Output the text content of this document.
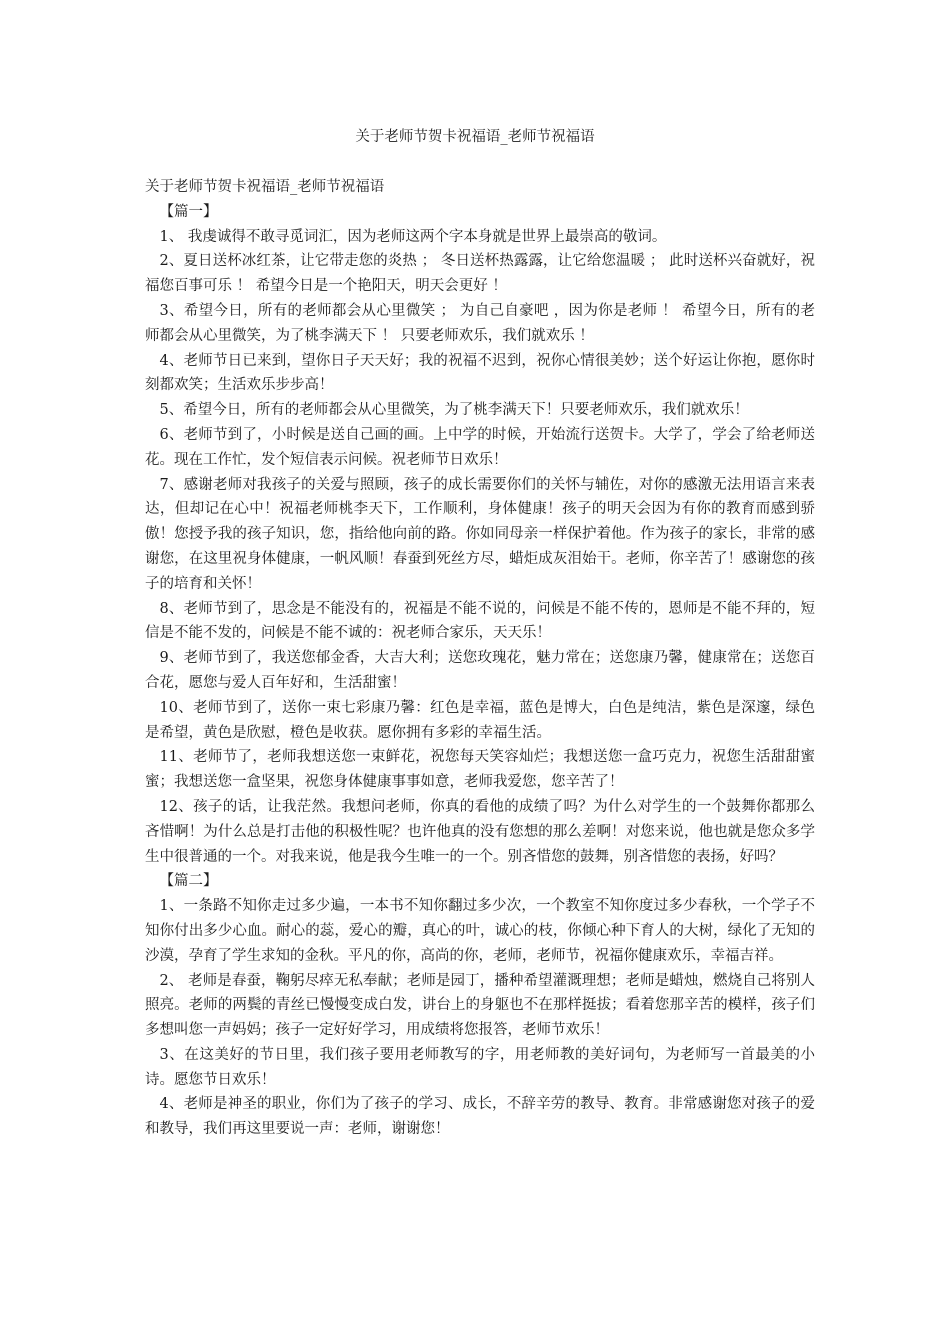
关于老师节贺卡祝福语_老师节祝福语

关于老师节贺卡祝福语_老师节祝福语

【篇一】

1、 我虔诚得不敢寻觅词汇，因为老师这两个字本身就是世界上最崇高的敬词。

2、夏日送杯冰红茶，让它带走您的炎热 ； 冬日送杯热露露，让它给您温暖 ； 此时送杯兴奋就好，祝福您百事可乐 ！ 希望今日是一个艳阳天，明天会更好 ！

3、希望今日，所有的老师都会从心里微笑 ； 为自己自豪吧 ，因为你是老师 ！ 希望今日，所有的老师都会从心里微笑，为了桃李满天下 ！ 只要老师欢乐，我们就欢乐 ！

4、老师节日已来到，望你日子天天好；我的祝福不迟到，祝你心情很美妙；送个好运让你抱，愿你时刻都欢笑；生活欢乐步步高！

5、希望今日，所有的老师都会从心里微笑，为了桃李满天下！只要老师欢乐，我们就欢乐！

6、老师节到了，小时候是送自己画的画。上中学的时候，开始流行送贺卡。大学了，学会了给老师送花。现在工作忙，发个短信表示问候。祝老师节日欢乐！

7、感谢老师对我孩子的关爱与照顾，孩子的成长需要你们的关怀与辅佐，对你的感激无法用语言来表达，但却记在心中！祝福老师桃李天下，工作顺利，身体健康！孩子的明天会因为有你的教育而感到骄傲！您授予我的孩子知识，您，指给他向前的路。你如同母亲一样保护着他。作为孩子的家长，非常的感谢您，在这里祝身体健康，一帆风顺！春蚕到死丝方尽，蜡炬成灰泪始干。老师，你辛苦了！感谢您的孩子的培育和关怀！

8、老师节到了，思念是不能没有的，祝福是不能不说的，问候是不能不传的，恩师是不能不拜的，短信是不能不发的，问候是不能不诚的：祝老师合家乐，天天乐！

9、老师节到了，我送您郁金香，大吉大利；送您玫瑰花，魅力常在；送您康乃馨，健康常在；送您百合花，愿您与爱人百年好和，生活甜蜜！

10、老师节到了，送你一束七彩康乃馨：红色是幸福，蓝色是博大，白色是纯洁，紫色是深邃，绿色是希望，黄色是欣慰，橙色是收获。愿你拥有多彩的幸福生活。

11、老师节了，老师我想送您一束鲜花，祝您每天笑容灿烂；我想送您一盒巧克力，祝您生活甜甜蜜蜜；我想送您一盒坚果，祝您身体健康事事如意，老师我爱您，您辛苦了！

12、孩子的话，让我茫然。我想问老师，你真的看他的成绩了吗？为什么对学生的一个鼓舞你都那么吝惜啊！为什么总是打击他的积极性呢？也许他真的没有您想的那么差啊！对您来说，他也就是您众多学生中很普通的一个。对我来说，他是我今生唯一的一个。别吝惜您的鼓舞，别吝惜您的表扬，好吗？

【篇二】

1、一条路不知你走过多少遍，一本书不知你翻过多少次，一个教室不知你度过多少春秋，一个学子不知你付出多少心血。耐心的蕊，爱心的瓣，真心的叶，诚心的枝，你倾心种下育人的大树，绿化了无知的沙漠，孕育了学生求知的金秋。平凡的你，高尚的你，老师，老师节，祝福你健康欢乐，幸福吉祥。

2、 老师是春蚕，鞠躬尽瘁无私奉献；老师是园丁，播种希望灌溉理想；老师是蜡烛，燃烧自己将别人照亮。老师的两鬓的青丝已慢慢变成白发，讲台上的身躯也不在那样挺拔；看着您那辛苦的模样，孩子们多想叫您一声妈妈；孩子一定好好学习，用成绩将您报答，老师节欢乐！

3、在这美好的节日里，我们孩子要用老师教写的字，用老师教的美好词句，为老师写一首最美的小诗。愿您节日欢乐！

4、老师是神圣的职业，你们为了孩子的学习、成长，不辞辛劳的教导、教育。非常感谢您对孩子的爱和教导，我们再这里要说一声：老师，谢谢您！
